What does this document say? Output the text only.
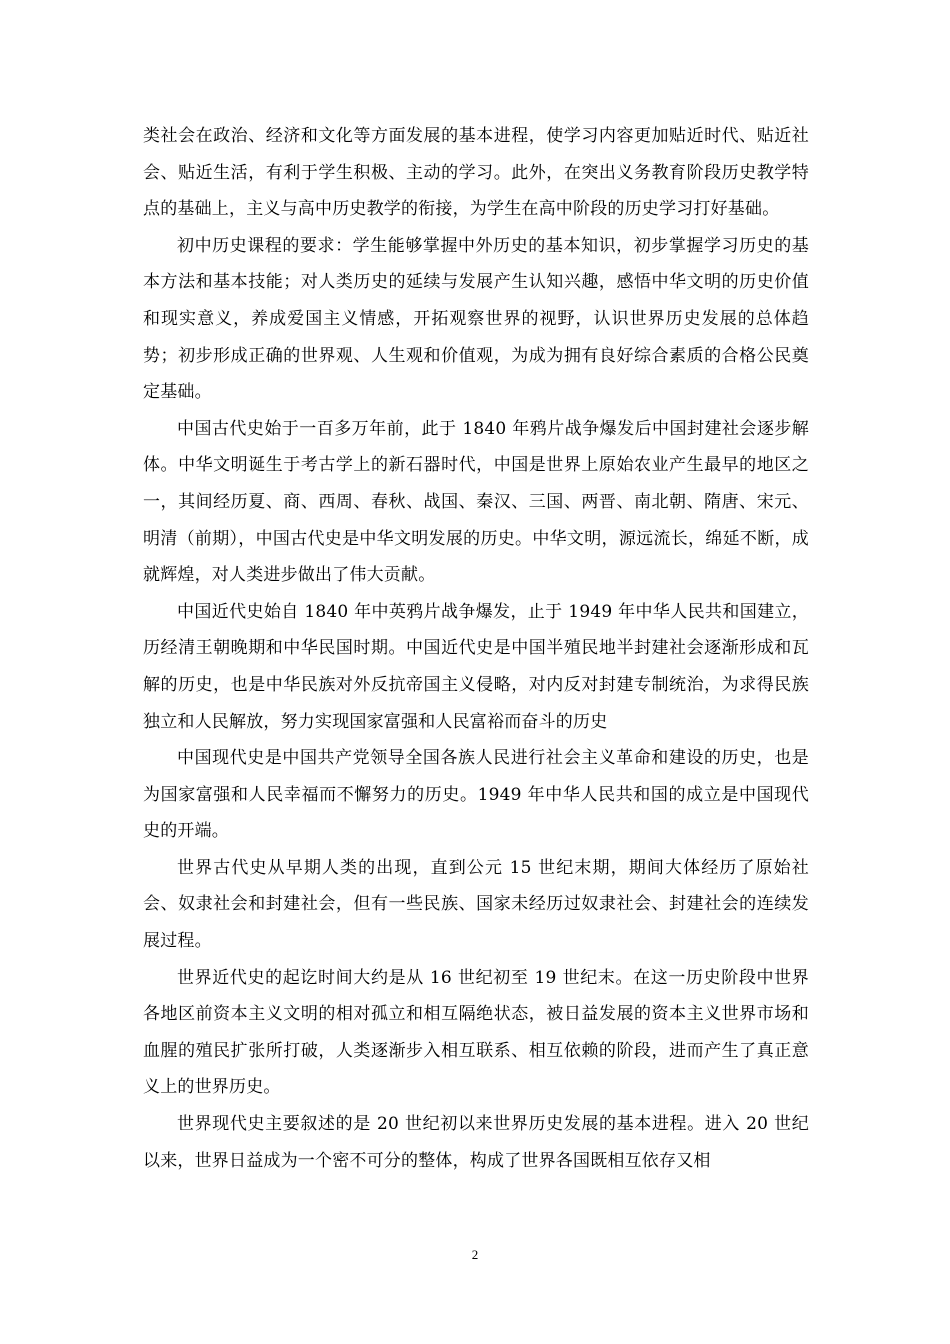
类社会在政治、经济和文化等方面发展的基本进程，使学习内容更加贴近时代、贴近社会、贴近生活，有利于学生积极、主动的学习。此外，在突出义务教育阶段历史教学特点的基础上，主义与高中历史教学的衔接，为学生在高中阶段的历史学习打好基础。

初中历史课程的要求：学生能够掌握中外历史的基本知识，初步掌握学习历史的基本方法和基本技能；对人类历史的延续与发展产生认知兴趣，感悟中华文明的历史价值和现实意义，养成爱国主义情感，开拓观察世界的视野，认识世界历史发展的总体趋势；初步形成正确的世界观、人生观和价值观，为成为拥有良好综合素质的合格公民奠定基础。

中国古代史始于一百多万年前，此于 1840 年鸦片战争爆发后中国封建社会逐步解体。中华文明诞生于考古学上的新石器时代，中国是世界上原始农业产生最早的地区之一，其间经历夏、商、西周、春秋、战国、秦汉、三国、两晋、南北朝、隋唐、宋元、明清（前期），中国古代史是中华文明发展的历史。中华文明，源远流长，绵延不断，成就辉煌，对人类进步做出了伟大贡献。

中国近代史始自 1840 年中英鸦片战争爆发，止于 1949 年中华人民共和国建立，历经清王朝晚期和中华民国时期。中国近代史是中国半殖民地半封建社会逐渐形成和瓦解的历史，也是中华民族对外反抗帝国主义侵略，对内反对封建专制统治，为求得民族独立和人民解放，努力实现国家富强和人民富裕而奋斗的历史

中国现代史是中国共产党领导全国各族人民进行社会主义革命和建设的历史，也是为国家富强和人民幸福而不懈努力的历史。1949 年中华人民共和国的成立是中国现代史的开端。

世界古代史从早期人类的出现，直到公元 15 世纪末期，期间大体经历了原始社会、奴隶社会和封建社会，但有一些民族、国家未经历过奴隶社会、封建社会的连续发展过程。

世界近代史的起讫时间大约是从 16 世纪初至 19 世纪末。在这一历史阶段中世界各地区前资本主义文明的相对孤立和相互隔绝状态，被日益发展的资本主义世界市场和血腥的殖民扩张所打破，人类逐渐步入相互联系、相互依赖的阶段，进而产生了真正意义上的世界历史。

世界现代史主要叙述的是 20 世纪初以来世界历史发展的基本进程。进入 20 世纪以来，世界日益成为一个密不可分的整体，构成了世界各国既相互依存又相

2
